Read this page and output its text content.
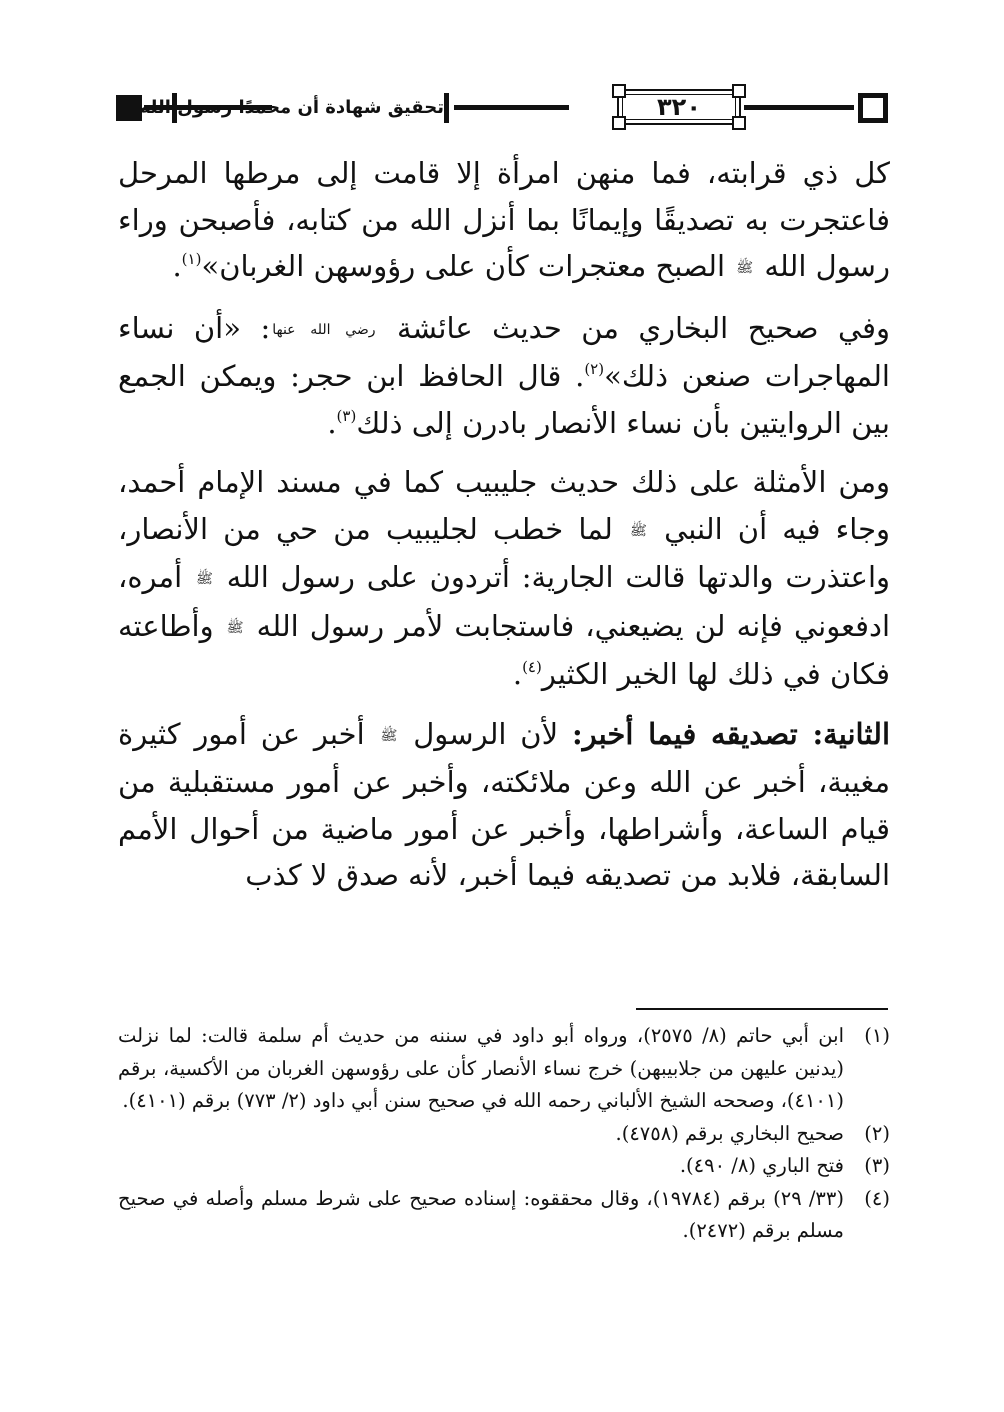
تحقيق شهادة أن محمدًا رسول الله	٣٢٠

كل ذي قرابته، فما منهن امرأة إلا قامت إلى مرطها المرحل فاعتجرت به تصديقًا وإيمانًا بما أنزل الله من كتابه، فأصبحن وراء رسول الله ﷺ الصبح معتجرات كأن على رؤوسهن الغربان»$^{(١)}$.

وفي صحيح البخاري من حديث عائشة رضي الله عنها: «أن نساء المهاجرات صنعن ذلك»$^{(٢)}$. قال الحافظ ابن حجر: ويمكن الجمع بين الروايتين بأن نساء الأنصار بادرن إلى ذلك$^{(٣)}$.

ومن الأمثلة على ذلك حديث جليبيب كما في مسند الإمام أحمد، وجاء فيه أن النبي ﷺ لما خطب لجليبيب من حي من الأنصار، واعتذرت والدتها قالت الجارية: أتردون على رسول الله ﷺ أمره، ادفعوني فإنه لن يضيعني، فاستجابت لأمر رسول الله ﷺ وأطاعته فكان في ذلك لها الخير الكثير$^{(٤)}$.

الثانية: تصديقه فيما أخبر: لأن الرسول ﷺ أخبر عن أمور كثيرة مغيبة، أخبر عن الله وعن ملائكته، وأخبر عن أمور مستقبلية من قيام الساعة، وأشراطها، وأخبر عن أمور ماضية من أحوال الأمم السابقة، فلابد من تصديقه فيما أخبر، لأنه صدق لا كذب

(١)
ابن أبي حاتم (٨/ ٢٥٧٥)، ورواه أبو داود في سننه من حديث أم سلمة قالت: لما نزلت (يدنين عليهن من جلابيبهن) خرج نساء الأنصار كأن على رؤوسهن الغربان من الأكسية، برقم (٤١٠١)، وصححه الشيخ الألباني رحمه الله في صحيح سنن أبي داود (٢/ ٧٧٣) برقم (٤١٠١).
(٢)
صحيح البخاري برقم (٤٧٥٨).
(٣)
فتح الباري (٨/ ٤٩٠).
(٤)
(٣٣/ ٢٩) برقم (١٩٧٨٤)، وقال محققوه: إسناده صحيح على شرط مسلم وأصله في صحيح مسلم برقم (٢٤٧٢).
